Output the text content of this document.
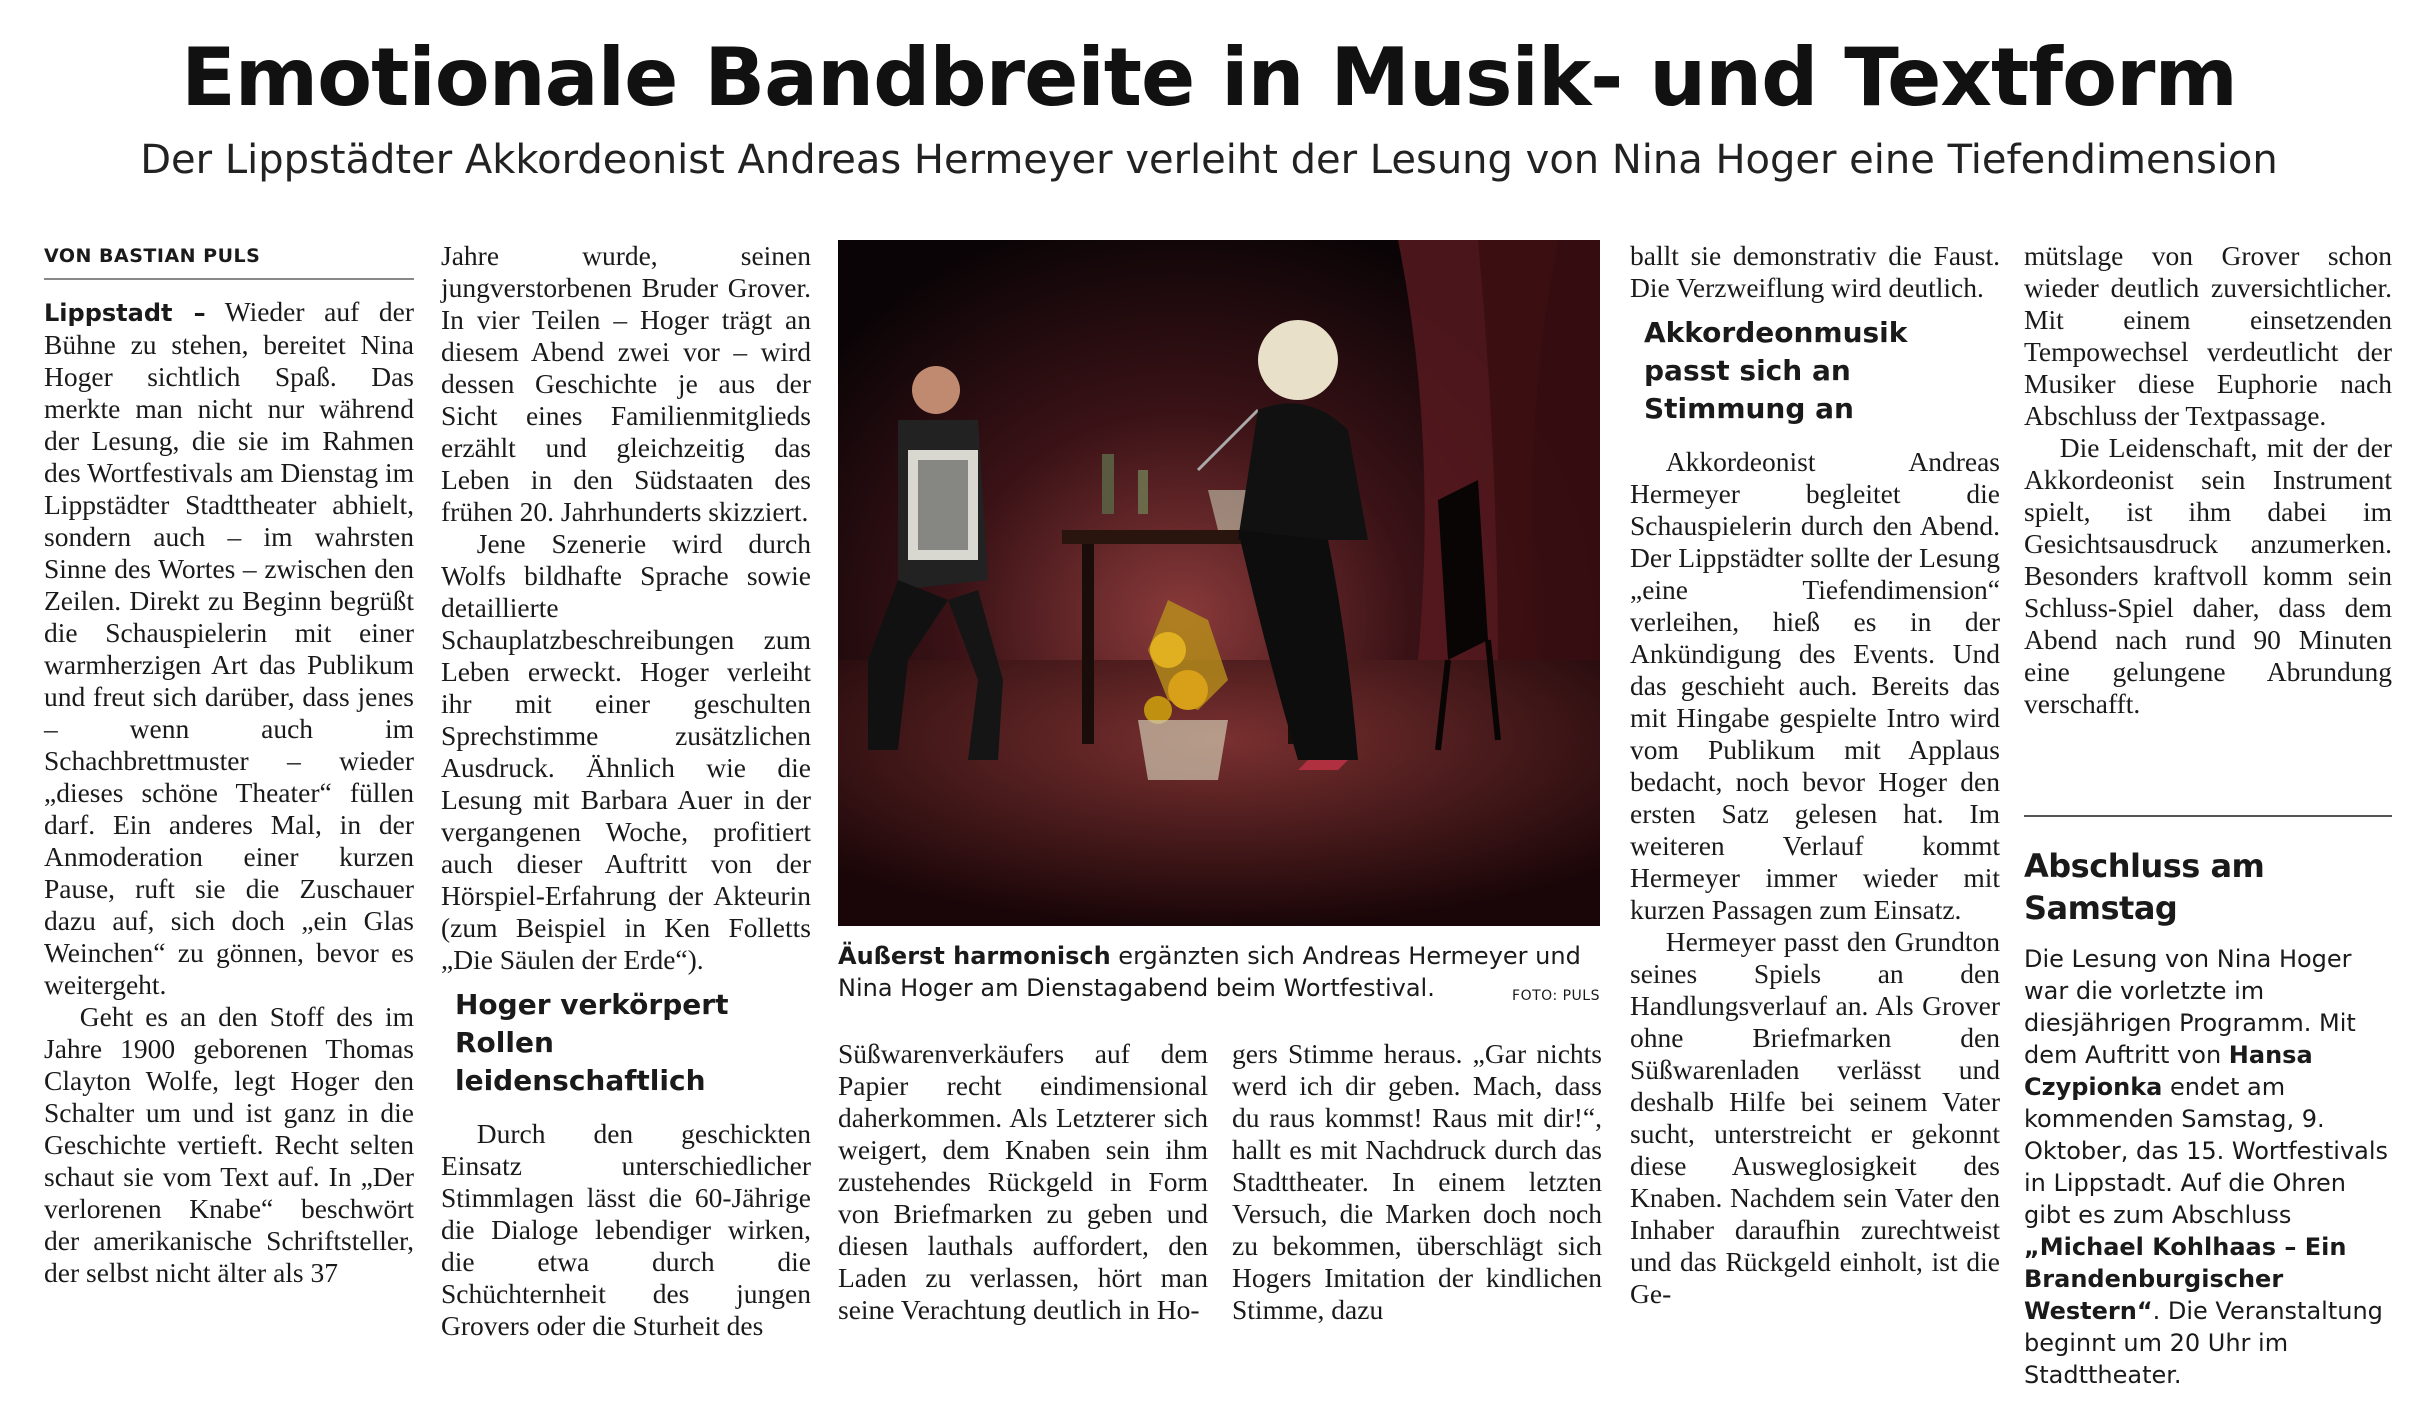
Emotionale Bandbreite in Musik- und Textform
Der Lippstädter Akkordeonist Andreas Hermeyer verleiht der Lesung von Nina Hoger eine Tiefendimension
VON BASTIAN PULS

Lippstadt – Wieder auf der Bühne zu stehen, bereitet Nina Hoger sichtlich Spaß. Das merkte man nicht nur während der Lesung, die sie im Rahmen des Wortfestivals am Dienstag im Lippstädter Stadttheater abhielt, sondern auch – im wahrsten Sinne des Wortes – zwischen den Zeilen. Direkt zu Beginn begrüßt die Schauspielerin mit einer warmherzigen Art das Publikum und freut sich darüber, dass jenes – wenn auch im Schachbrettmuster – wieder „dieses schöne Theater“ füllen darf. Ein anderes Mal, in der Anmoderation einer kurzen Pause, ruft sie die Zuschauer dazu auf, sich doch „ein Glas Weinchen“ zu gönnen, bevor es weitergeht.

Geht es an den Stoff des im Jahre 1900 geborenen Thomas Clayton Wolfe, legt Hoger den Schalter um und ist ganz in die Geschichte vertieft. Recht selten schaut sie vom Text auf. In „Der verlorenen Knabe“ beschwört der amerikanische Schriftsteller, der selbst nicht älter als 37

Jahre wurde, seinen jungverstorbenen Bruder Grover. In vier Teilen – Hoger trägt an diesem Abend zwei vor – wird dessen Geschichte je aus der Sicht eines Familienmitglieds erzählt und gleichzeitig das Leben in den Südstaaten des frühen 20. Jahrhunderts skizziert.

Jene Szenerie wird durch Wolfs bildhafte Sprache sowie detaillierte Schauplatzbeschreibungen zum Leben erweckt. Hoger verleiht ihr mit einer geschulten Sprechstimme zusätzlichen Ausdruck. Ähnlich wie die Lesung mit Barbara Auer in der vergangenen Woche, profitiert auch dieser Auftritt von der Hörspiel-Erfahrung der Akteurin (zum Beispiel in Ken Folletts „Die Säulen der Erde“).

Hoger verkörpert Rollen leidenschaftlich

Durch den geschickten Einsatz unterschiedlicher Stimmlagen lässt die 60-Jährige die Dialoge lebendiger wirken, die etwa durch die Schüchternheit des jungen Grovers oder die Sturheit des

Äußerst harmonisch ergänzten sich Andreas Hermeyer und Nina Hoger am Dienstagabend beim Wortfestival.	FOTO: PULS

Süßwarenverkäufers auf dem Papier recht eindimensional daherkommen. Als Letzterer sich weigert, dem Knaben sein ihm zustehendes Rückgeld in Form von Briefmarken zu geben und diesen lauthals auffordert, den Laden zu verlassen, hört man seine Verachtung deutlich in Ho-

gers Stimme heraus. „Gar nichts werd ich dir geben. Mach, dass du raus kommst! Raus mit dir!“, hallt es mit Nachdruck durch das Stadttheater. In einem letzten Versuch, die Marken doch noch zu bekommen, überschlägt sich Hogers Imitation der kindlichen Stimme, dazu

ballt sie demonstrativ die Faust. Die Verzweiflung wird deutlich.

Akkordeonmusik passt sich an Stimmung an

Akkordeonist Andreas Hermeyer begleitet die Schauspielerin durch den Abend. Der Lippstädter sollte der Lesung „eine Tiefendimension“ verleihen, hieß es in der Ankündigung des Events. Und das geschieht auch. Bereits das mit Hingabe gespielte Intro wird vom Publikum mit Applaus bedacht, noch bevor Hoger den ersten Satz gelesen hat. Im weiteren Verlauf kommt Hermeyer immer wieder mit kurzen Passagen zum Einsatz.

Hermeyer passt den Grundton seines Spiels an den Handlungsverlauf an. Als Grover ohne Briefmarken den Süßwarenladen verlässt und deshalb Hilfe bei seinem Vater sucht, unterstreicht er gekonnt diese Ausweglosigkeit des Knaben. Nachdem sein Vater den Inhaber daraufhin zurechtweist und das Rückgeld einholt, ist die Ge-

mütslage von Grover schon wieder deutlich zuversichtlicher. Mit einem einsetzenden Tempowechsel verdeutlicht der Musiker diese Euphorie nach Abschluss der Textpassage.

Die Leidenschaft, mit der der Akkordeonist sein Instrument spielt, ist ihm dabei im Gesichtsausdruck anzumerken. Besonders kraftvoll komm sein Schluss-Spiel daher, dass dem Abend nach rund 90 Minuten eine gelungene Abrundung verschafft.

Abschluss am Samstag
Die Lesung von Nina Hoger war die vorletzte im diesjährigen Programm. Mit dem Auftritt von Hansa Czypionka endet am kommenden Samstag, 9. Oktober, das 15. Wortfestivals in Lippstadt. Auf die Ohren gibt es zum Abschluss „Michael Kohlhaas – Ein Brandenburgischer Western“. Die Veranstaltung beginnt um 20 Uhr im Stadttheater.
